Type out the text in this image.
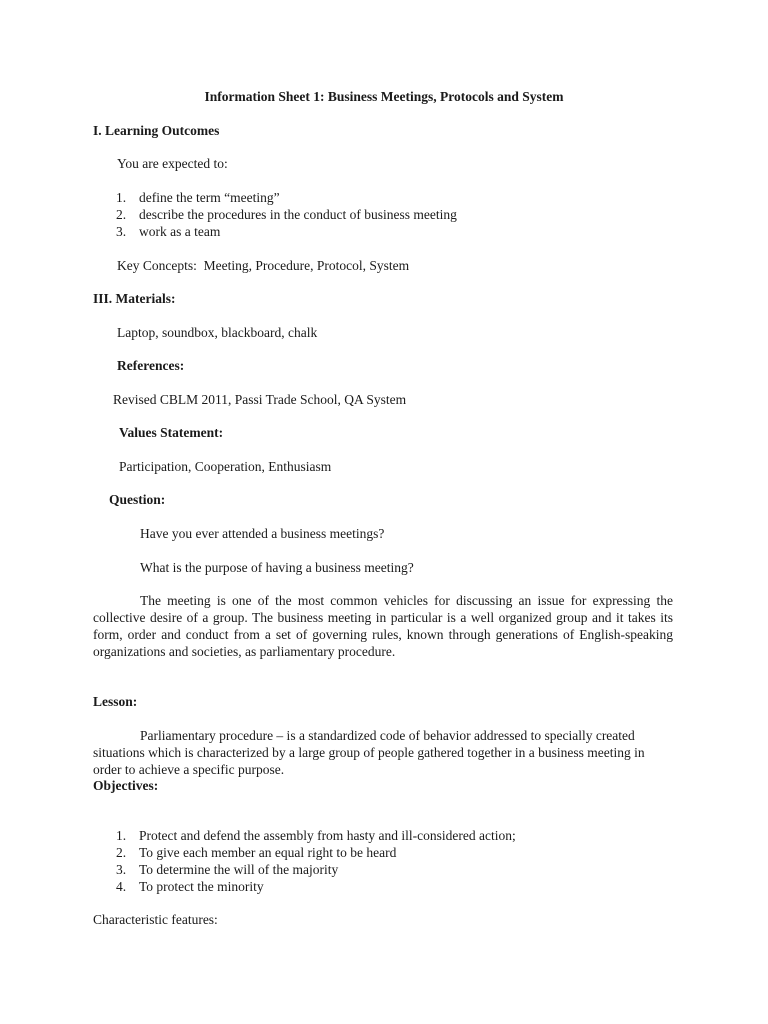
Information Sheet 1: Business Meetings, Protocols and System
I. Learning Outcomes
You are expected to:
1. define the term “meeting”
2. describe the procedures in the conduct of business meeting
3. work as a team
Key Concepts:  Meeting, Procedure, Protocol, System
III. Materials:
Laptop, soundbox, blackboard, chalk
References:
Revised CBLM 2011, Passi Trade School, QA System
Values Statement:
Participation, Cooperation, Enthusiasm
Question:
Have you ever attended a business meetings?
What is the purpose of having a business meeting?
The meeting is one of the most common vehicles for discussing an issue for expressing the collective desire of a group. The business meeting in particular is a well organized group and it takes its form, order and conduct from a set of governing rules, known through generations of English-speaking organizations and societies, as parliamentary procedure.
Lesson:
Parliamentary procedure – is a standardized code of behavior addressed to specially created situations which is characterized by a large group of people gathered together in a business meeting in order to achieve a specific purpose.
Objectives:
1. Protect and defend the assembly from hasty and ill-considered action;
2. To give each member an equal right to be heard
3. To determine the will of the majority
4. To protect the minority
Characteristic features:
